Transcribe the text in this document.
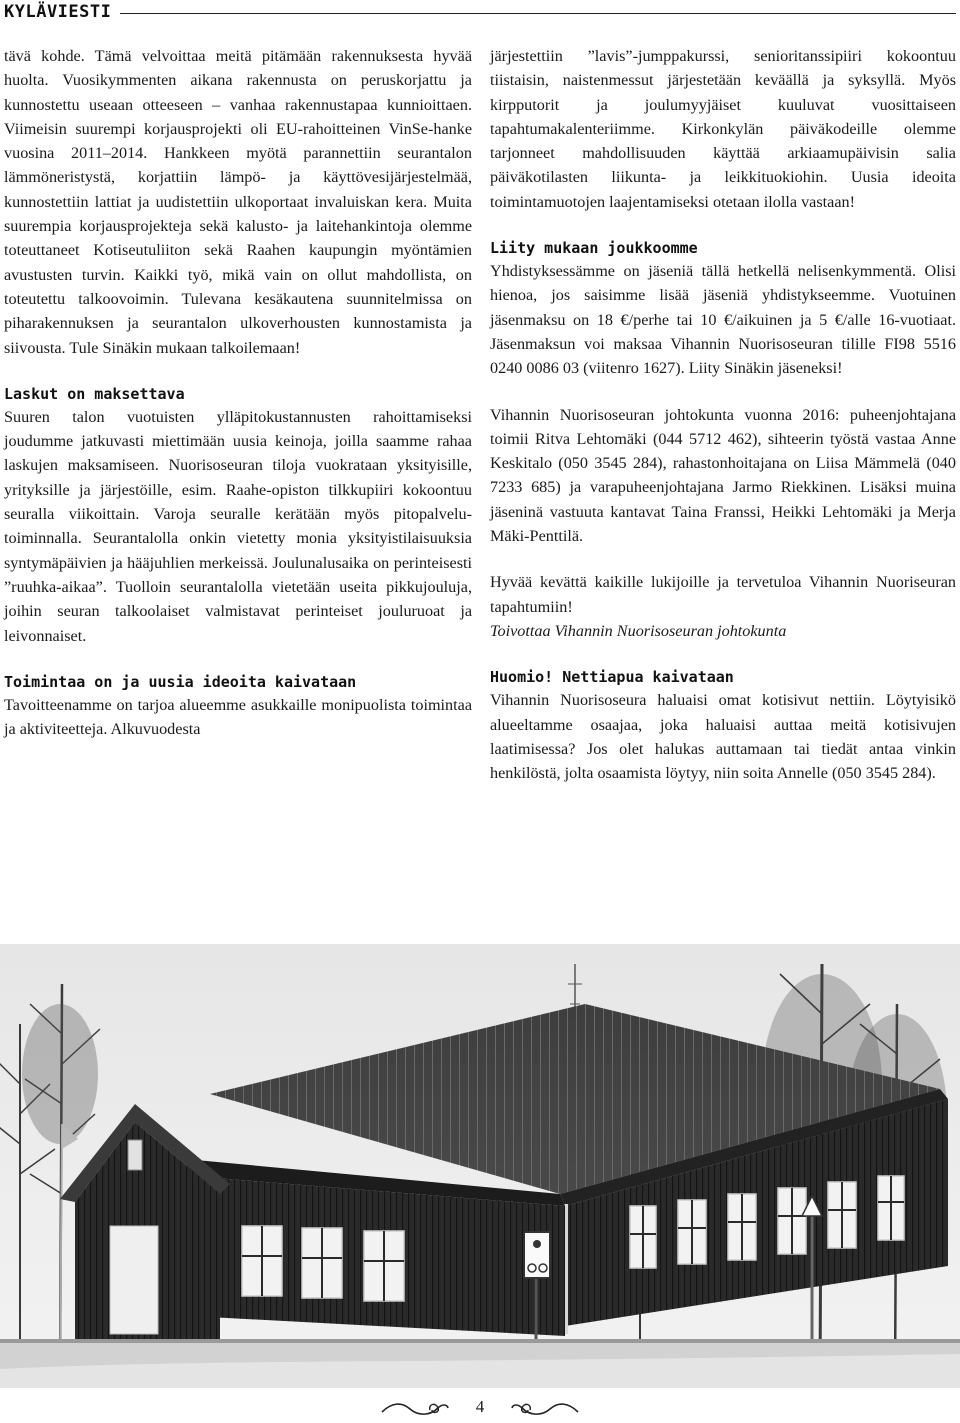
KYLÄVIESTI

tävä kohde. Tämä velvoittaa meitä pitämään rakennuksesta hyvää huolta. Vuosikymmenten aikana rakennusta on peruskorjattu ja kunnostettu useaan otteeseen – vanhaa rakennustapaa kunnioittaen. Viimeisin suurempi korjausprojekti oli EU-rahoitteinen VinSe-hanke vuosina 2011–2014. Hankkeen myötä parannettiin seurantalon lämmöneristystä, korjattiin lämpö- ja käyttövesijärjestelmää, kunnostettiin lattiat ja uudistettiin ulkoportaat invaluiskan kera. Muita suurempia korjausprojekteja sekä kalusto- ja laitehankintoja olemme toteuttaneet Kotiseutuliiton sekä Raahen kaupungin myöntämien avustusten turvin. Kaikki työ, mikä vain on ollut mahdollista, on toteutettu talkoovoimin. Tulevana kesäkautena suunnitelmissa on piharakennuksen ja seurantalon ulkoverhousten kunnostamista ja siivousta. Tule Sinäkin mukaan talkoilemaan!

Laskut on maksettava

Suuren talon vuotuisten ylläpitokustannusten rahoittamiseksi joudumme jatkuvasti miettimään uusia keinoja, joilla saamme rahaa laskujen maksamiseen. Nuorisoseuran tiloja vuokrataan yksityisille, yrityksille ja järjestöille, esim. Raahe-opiston tilkkupiiri kokoontuu seuralla viikoittain. Varoja seuralle kerätään myös pitopalvelu-toiminnalla. Seurantalolla onkin vietetty monia yksityistilaisuuksia syntymäpäivien ja hääjuhlien merkeissä. Joulunalusaika on perinteisesti ”ruuhka-aikaa”. Tuolloin seurantalolla vietetään useita pikkujouluja, joihin seuran talkoolaiset valmistavat perinteiset jouluruoat ja leivonnaiset.

Toimintaa on ja uusia ideoita kaivataan

Tavoitteenamme on tarjoa alueemme asukkaille monipuolista toimintaa ja aktiviteetteja. Alkuvuodesta

järjestettiin ”lavis”-jumppakurssi, senioritanssipiiri kokoontuu tiistaisin, naistenmessut järjestetään keväällä ja syksyllä. Myös kirpputorit ja joulumyyjäiset kuuluvat vuosittaiseen tapahtumakalenteriimme. Kirkonkylän päiväkodeille olemme tarjonneet mahdollisuuden käyttää arkiaamupäivisin salia päiväkotilasten liikunta- ja leikkituokiohin. Uusia ideoita toimintamuotojen laajentamiseksi otetaan ilolla vastaan!

Liity mukaan joukkoomme

Yhdistyksessämme on jäseniä tällä hetkellä nelisenkymmentä. Olisi hienoa, jos saisimme lisää jäseniä yhdistykseemme. Vuotuinen jäsenmaksu on 18 €/perhe tai 10 €/aikuinen ja 5 €/alle 16-vuotiaat. Jäsenmaksun voi maksaa Vihannin Nuorisoseuran tilille FI98 5516 0240 0086 03 (viitenro 1627). Liity Sinäkin jäseneksi!

Vihannin Nuorisoseuran johtokunta vuonna 2016: puheenjohtajana toimii Ritva Lehtomäki (044 5712 462), sihteerin työstä vastaa Anne Keskitalo (050 3545 284), rahastonhoitajana on Liisa Mämmelä (040 7233 685) ja varapuheenjohtajana Jarmo Riekkinen. Lisäksi muina jäseninä vastuuta kantavat Taina Franssi, Heikki Lehtomäki ja Merja Mäki-Penttilä.

Hyvää kevättä kaikille lukijoille ja tervetuloa Vihannin Nuoriseuran tapahtumiin!

Toivottaa Vihannin Nuorisoseuran johtokunta

Huomio! Nettiapua kaivataan

Vihannin Nuorisoseura haluaisi omat kotisivut nettiin. Löytyisikö alueeltamme osaajaa, joka haluaisi auttaa meitä kotisivujen laatimisessa? Jos olet halukas auttamaan tai tiedät antaa vinkin henkilöstä, jolta osaamista löytyy, niin soita Annelle (050 3545 284).

4
